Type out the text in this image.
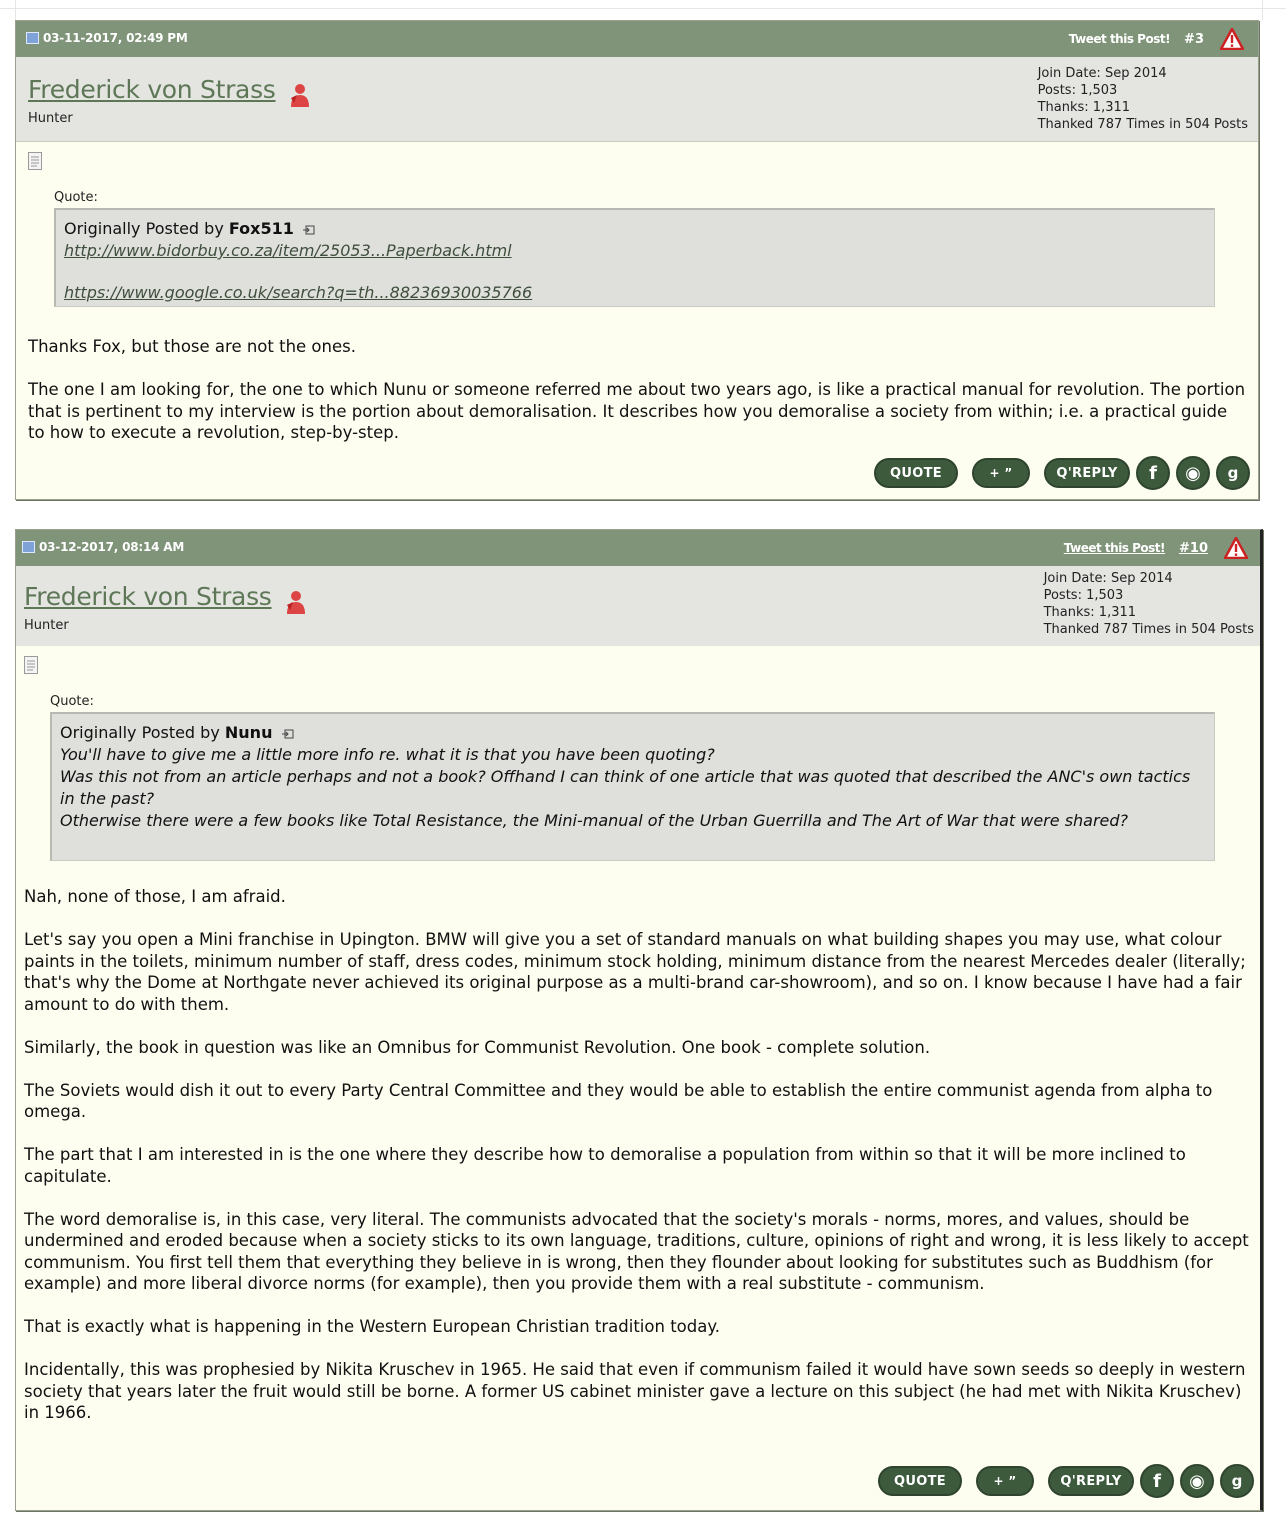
03-11-2017, 02:49 PM	Tweet this Post! #3
Frederick von Strass
Hunter
Join Date: Sep 2014
Posts: 1,503
Thanks: 1,311
Thanked 787 Times in 504 Posts
Quote:
Originally Posted by Fox511
http://www.bidorbuy.co.za/item/25053...Paperback.html
https://www.google.co.uk/search?q=th...88236930035766

Thanks Fox, but those are not the ones.

The one I am looking for, the one to which Nunu or someone referred me about two years ago, is like a practical manual for revolution. The portion that is pertinent to my interview is the portion about demoralisation. It describes how you demoralise a society from within; i.e. a practical guide to how to execute a revolution, step-by-step.

QUOTE	+ ”	Q'REPLY	f	◉	g
03-12-2017, 08:14 AM	Tweet this Post! #10
Frederick von Strass
Hunter
Join Date: Sep 2014
Posts: 1,503
Thanks: 1,311
Thanked 787 Times in 504 Posts
Quote:
Originally Posted by Nunu
You'll have to give me a little more info re. what it is that you have been quoting?
Was this not from an article perhaps and not a book? Offhand I can think of one article that was quoted that described the ANC's own tactics in the past?
Otherwise there were a few books like Total Resistance, the Mini-manual of the Urban Guerrilla and The Art of War that were shared?

Nah, none of those, I am afraid.

Let's say you open a Mini franchise in Upington. BMW will give you a set of standard manuals on what building shapes you may use, what colour paints in the toilets, minimum number of staff, dress codes, minimum stock holding, minimum distance from the nearest Mercedes dealer (literally; that's why the Dome at Northgate never achieved its original purpose as a multi-brand car-showroom), and so on. I know because I have had a fair amount to do with them.

Similarly, the book in question was like an Omnibus for Communist Revolution. One book - complete solution.

The Soviets would dish it out to every Party Central Committee and they would be able to establish the entire communist agenda from alpha to omega.

The part that I am interested in is the one where they describe how to demoralise a population from within so that it will be more inclined to capitulate.

The word demoralise is, in this case, very literal. The communists advocated that the society's morals - norms, mores, and values, should be undermined and eroded because when a society sticks to its own language, traditions, culture, opinions of right and wrong, it is less likely to accept communism. You first tell them that everything they believe in is wrong, then they flounder about looking for substitutes such as Buddhism (for example) and more liberal divorce norms (for example), then you provide them with a real substitute - communism.

That is exactly what is happening in the Western European Christian tradition today.

Incidentally, this was prophesied by Nikita Kruschev in 1965. He said that even if communism failed it would have sown seeds so deeply in western society that years later the fruit would still be borne. A former US cabinet minister gave a lecture on this subject (he had met with Nikita Kruschev) in 1966.

QUOTE	+ ”	Q'REPLY	f	◉	g
